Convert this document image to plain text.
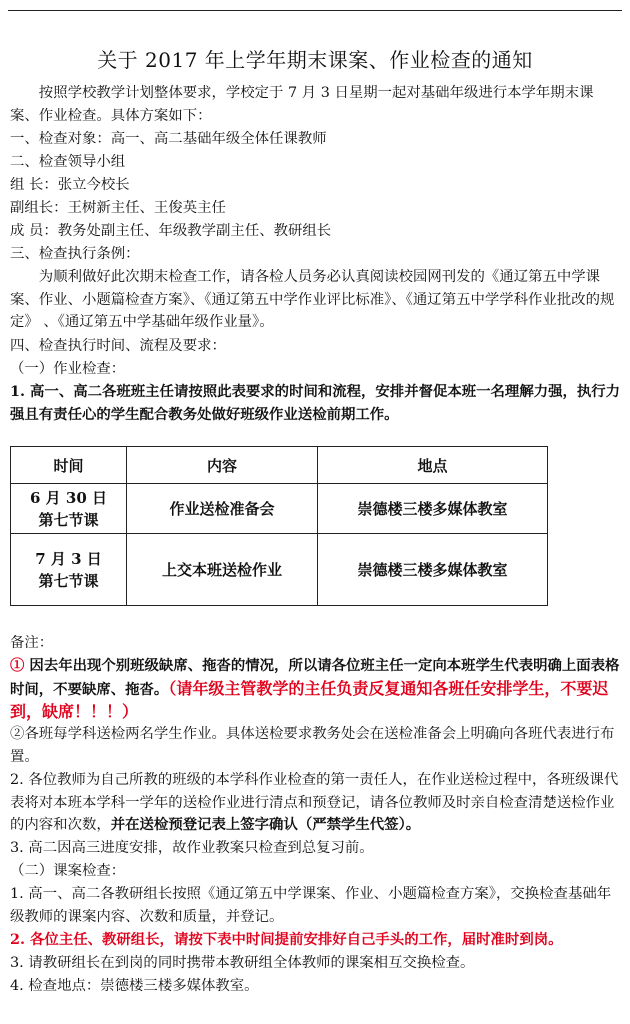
关于 2017 年上学年期末课案、作业检查的通知
按照学校教学计划整体要求，学校定于 7 月 3 日星期一起对基础年级进行本学年期末课案、作业检查。具体方案如下：
一、检查对象：高一、高二基础年级全体任课教师
二、检查领导小组
组 长：张立今校长
副组长：王树新主任、王俊英主任
成 员：教务处副主任、年级教学副主任、教研组长
三、检查执行条例：
为顺利做好此次期末检查工作，请各检人员务必认真阅读校园网刊发的《通辽第五中学课案、作业、小题篇检查方案》、《通辽第五中学作业评比标准》、《通辽第五中学学科作业批改的规定》 、《通辽第五中学基础年级作业量》。
四、检查执行时间、流程及要求：
（一）作业检查：
1. 高一、高二各班班主任请按照此表要求的时间和流程，安排并督促本班一名理解力强，执行力强且有责任心的学生配合教务处做好班级作业送检前期工作。
时间	内容	地点

6 月 30 日
第七节课	作业送检准备会	崇德楼三楼多媒体教室

7 月 3 日
第七节课	上交本班送检作业	崇德楼三楼多媒体教室
备注：
① 因去年出现个别班级缺席、拖沓的情况，所以请各位班主任一定向本班学生代表明确上面表格时间，不要缺席、拖沓。（请年级主管教学的主任负责反复通知各班任安排学生，不要迟到，缺席！！！）
②各班每学科送检两名学生作业。具体送检要求教务处会在送检准备会上明确向各班代表进行布置。
2. 各位教师为自己所教的班级的本学科作业检查的第一责任人，在作业送检过程中，各班级课代表将对本班本学科一学年的送检作业进行清点和预登记，请各位教师及时亲自检查清楚送检作业的内容和次数，并在送检预登记表上签字确认（严禁学生代签）。
3. 高二因高三进度安排，故作业教案只检查到总复习前。
（二）课案检查：
1. 高一、高二各教研组长按照《通辽第五中学课案、作业、小题篇检查方案》，交换检查基础年级教师的课案内容、次数和质量，并登记。
2. 各位主任、教研组长，请按下表中时间提前安排好自己手头的工作，届时准时到岗。
3. 请教研组长在到岗的同时携带本教研组全体教师的课案相互交换检查。
4. 检查地点：崇德楼三楼多媒体教室。
